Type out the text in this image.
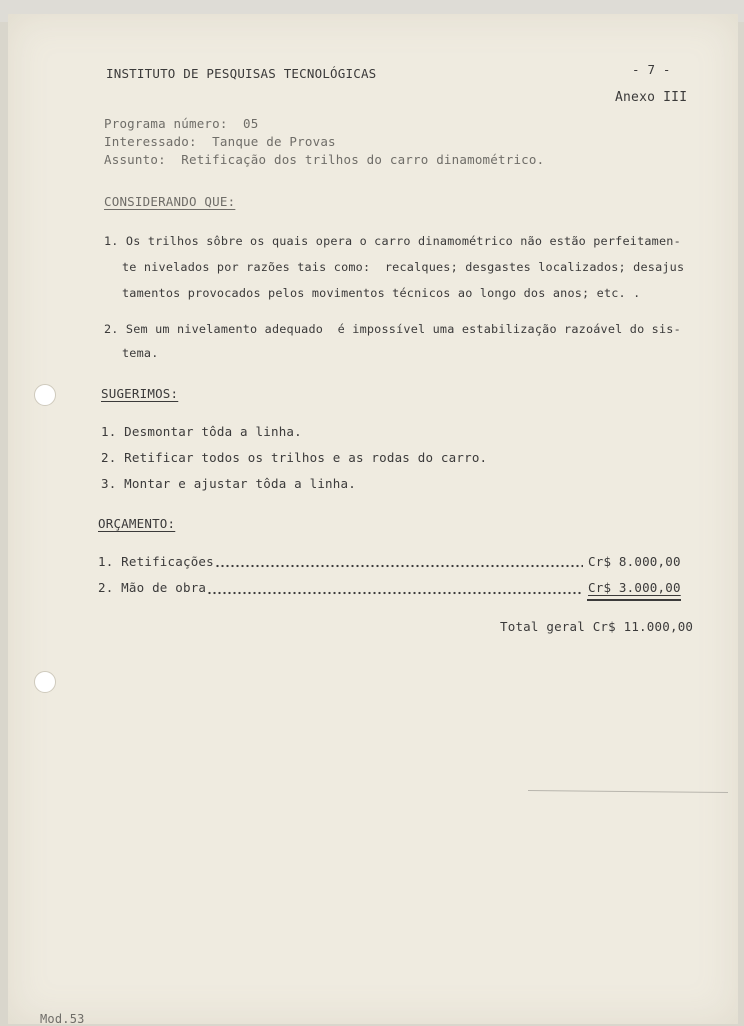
INSTITUTO DE PESQUISAS TECNOLÓGICAS	- 7 -
Anexo III
Programa número:  05
Interessado:  Tanque de Provas
Assunto:  Retificação dos trilhos do carro dinamométrico.
CONSIDERANDO QUE:
1. Os trilhos sôbre os quais opera o carro dinamométrico não estão perfeitamen-
te nivelados por razões tais como:  recalques; desgastes localizados; desajus
tamentos provocados pelos movimentos técnicos ao longo dos anos; etc. .
2. Sem um nivelamento adequado  é impossível uma estabilização razoável do sis-
tema.
SUGERIMOS:
1. Desmontar tôda a linha.
2. Retificar todos os trilhos e as rodas do carro.
3. Montar e ajustar tôda a linha.
ORÇAMENTO:
1. Retificações	Cr$ 8.000,00
2. Mão de obra	Cr$ 3.000,00
Total geral Cr$ 11.000,00
Mod.53
